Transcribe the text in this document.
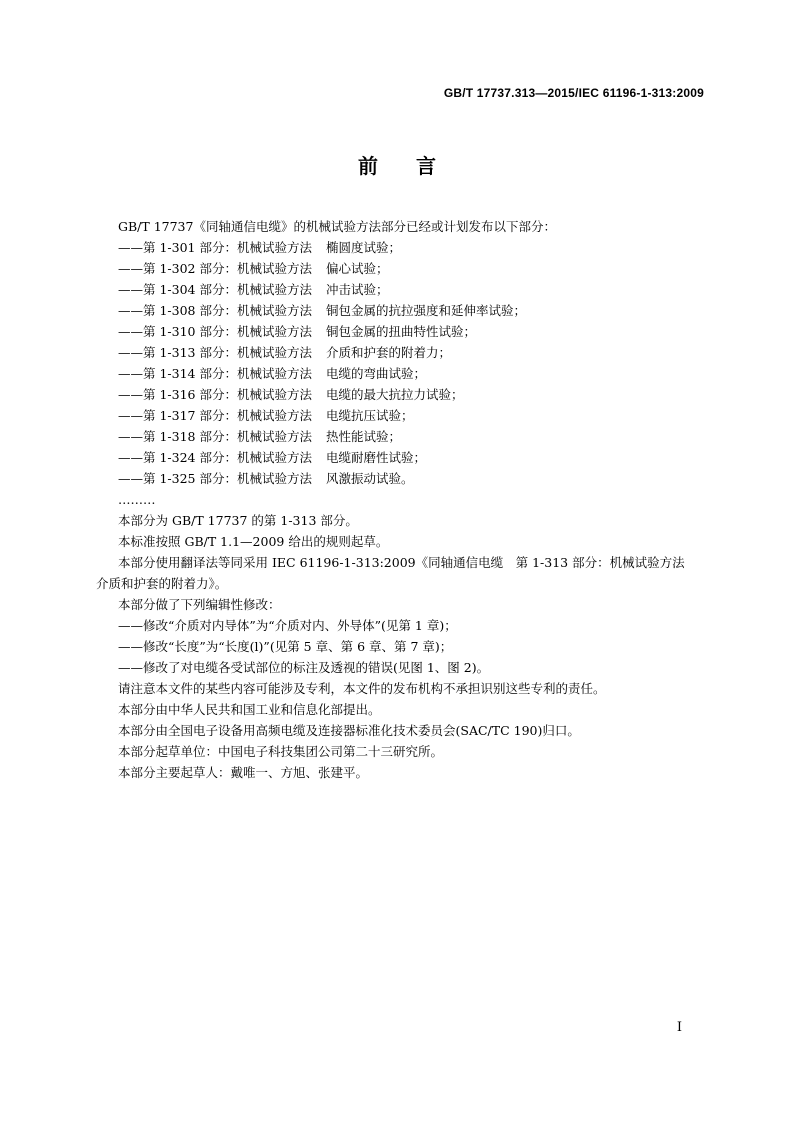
GB/T 17737.313—2015/IEC 61196-1-313:2009
前言

GB/T 17737《同轴通信电缆》的机械试验方法部分已经或计划发布以下部分：

——第 1-301 部分：机械试验方法 椭圆度试验；

——第 1-302 部分：机械试验方法 偏心试验；

——第 1-304 部分：机械试验方法 冲击试验；

——第 1-308 部分：机械试验方法 铜包金属的抗拉强度和延伸率试验；

——第 1-310 部分：机械试验方法 铜包金属的扭曲特性试验；

——第 1-313 部分：机械试验方法 介质和护套的附着力；

——第 1-314 部分：机械试验方法 电缆的弯曲试验；

——第 1-316 部分：机械试验方法 电缆的最大抗拉力试验；

——第 1-317 部分：机械试验方法 电缆抗压试验；

——第 1-318 部分：机械试验方法 热性能试验；

——第 1-324 部分：机械试验方法 电缆耐磨性试验；

——第 1-325 部分：机械试验方法 风激振动试验。

………

本部分为 GB/T 17737 的第 1-313 部分。

本标准按照 GB/T 1.1—2009 给出的规则起草。

本部分使用翻译法等同采用 IEC 61196-1-313:2009《同轴通信电缆　第 1-313 部分：机械试验方法

介质和护套的附着力》。

本部分做了下列编辑性修改：

——修改“介质对内导体”为“介质对内、外导体”(见第 1 章)；

——修改“长度”为“长度(l)”(见第 5 章、第 6 章、第 7 章)；

——修改了对电缆各受试部位的标注及透视的错误(见图 1、图 2)。

请注意本文件的某些内容可能涉及专利，本文件的发布机构不承担识别这些专利的责任。

本部分由中华人民共和国工业和信息化部提出。

本部分由全国电子设备用高频电缆及连接器标准化技术委员会(SAC/TC 190)归口。

本部分起草单位：中国电子科技集团公司第二十三研究所。

本部分主要起草人：戴唯一、方旭、张建平。

I
